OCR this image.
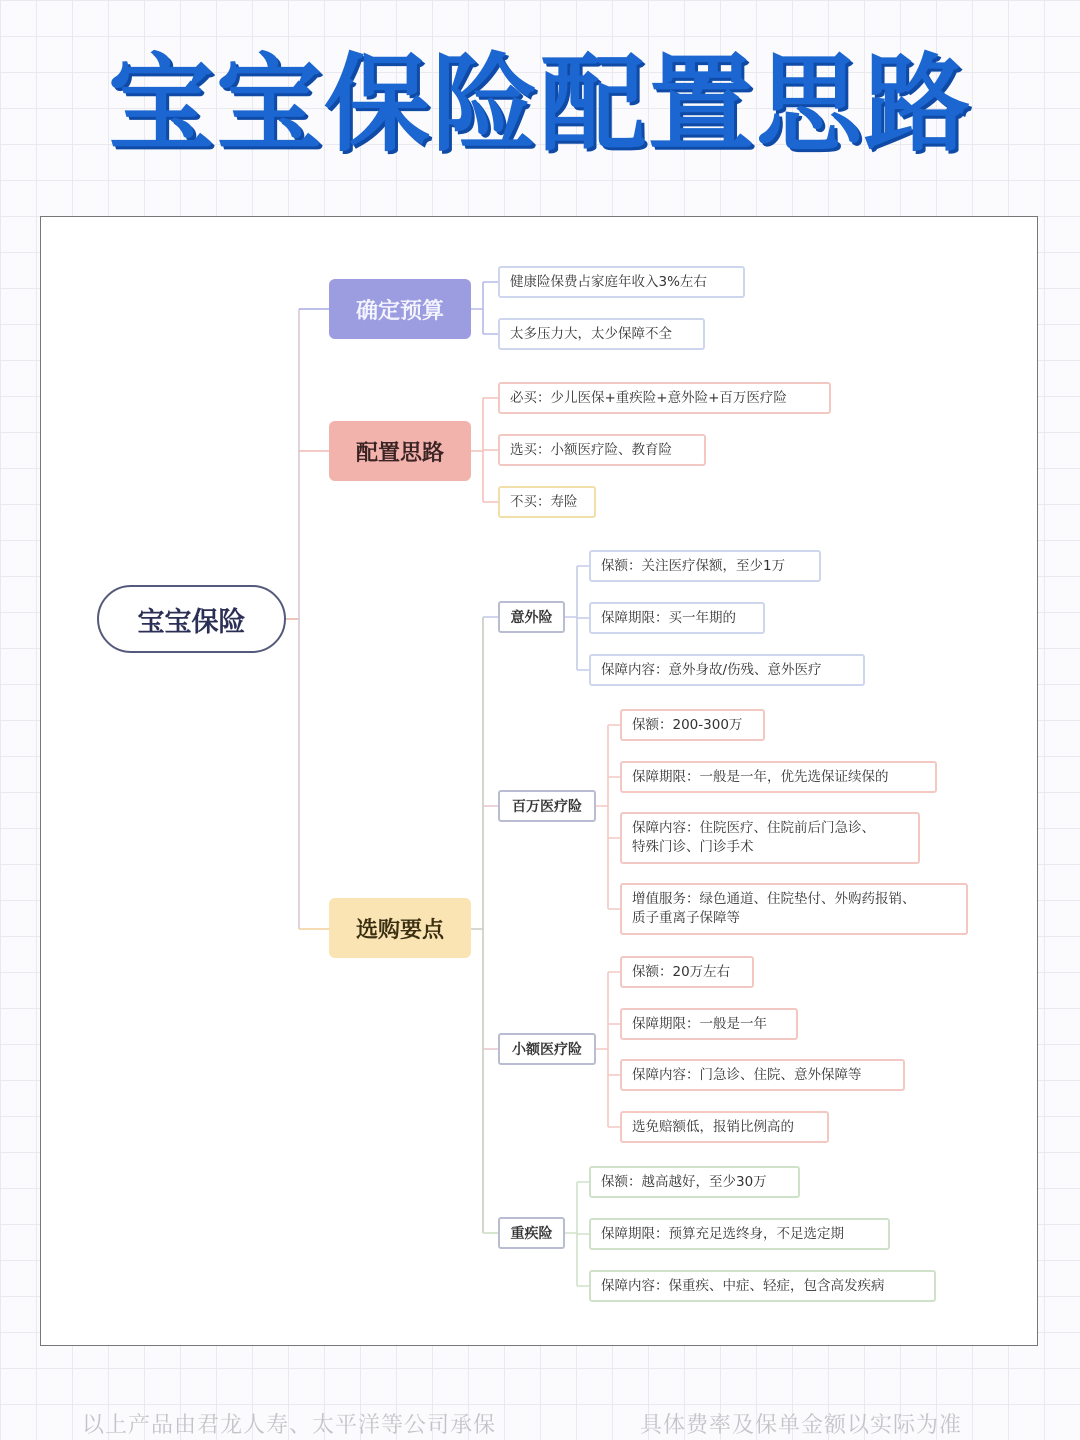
宝宝保险配置思路
宝宝保险
确定预算
配置思路
选购要点
健康险保费占家庭年收入3%左右
太多压力大，太少保障不全
必买：少儿医保+重疾险+意外险+百万医疗险
选买：小额医疗险、教育险
不买：寿险
意外险
百万医疗险
小额医疗险
重疾险
保额：关注医疗保额，至少1万
保障期限：买一年期的
保障内容：意外身故/伤残、意外医疗
保额：200-300万
保障期限：一般是一年，优先选保证续保的
保障内容：住院医疗、住院前后门急诊、
特殊门诊、门诊手术
增值服务：绿色通道、住院垫付、外购药报销、
质子重离子保障等
保额：20万左右
保障期限：一般是一年
保障内容：门急诊、住院、意外保障等
选免赔额低，报销比例高的
保额：越高越好，至少30万
保障期限：预算充足选终身，不足选定期
保障内容：保重疾、中症、轻症，包含高发疾病
以上产品由君龙人寿、太平洋等公司承保	具体费率及保单金额以实际为准
